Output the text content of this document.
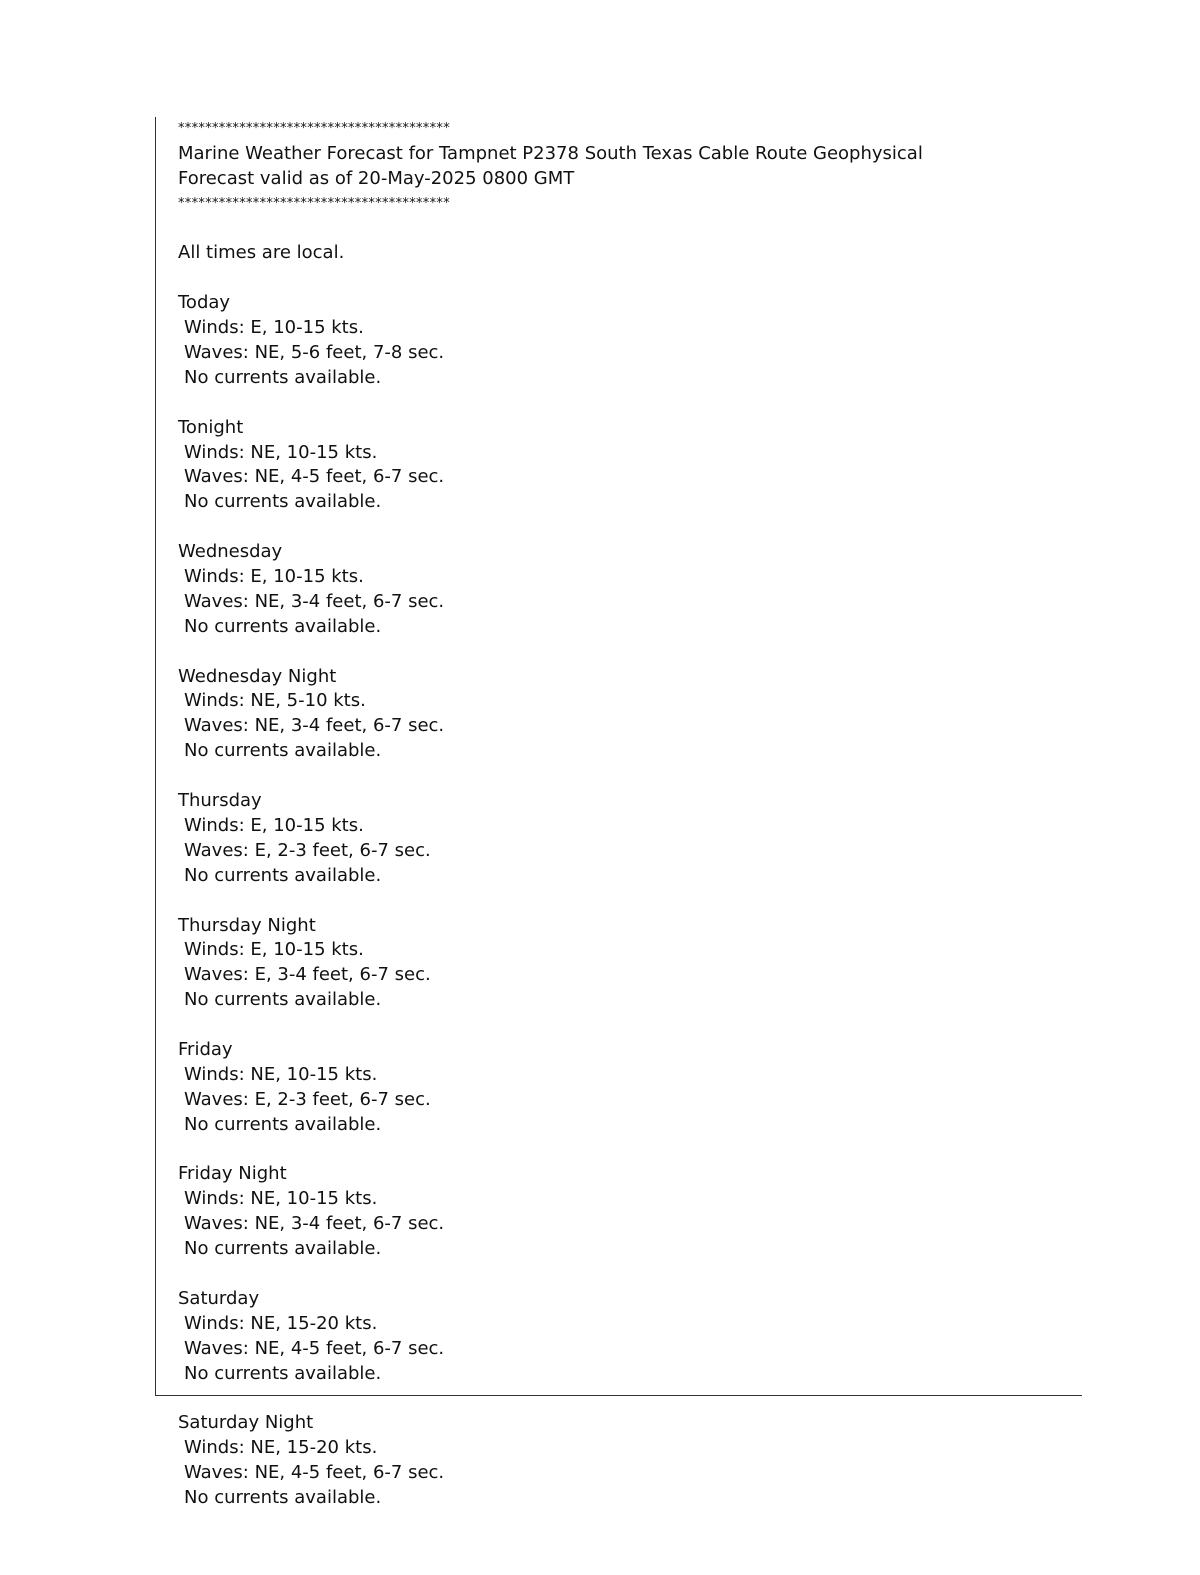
****************************************
Marine Weather Forecast for Tampnet P2378 South Texas Cable Route Geophysical
Forecast valid as of 20-May-2025 0800 GMT
****************************************
All times are local.
Today
Winds: E, 10-15 kts.
Waves: NE, 5-6 feet, 7-8 sec.
No currents available.
Tonight
Winds: NE, 10-15 kts.
Waves: NE, 4-5 feet, 6-7 sec.
No currents available.
Wednesday
Winds: E, 10-15 kts.
Waves: NE, 3-4 feet, 6-7 sec.
No currents available.
Wednesday Night
Winds: NE, 5-10 kts.
Waves: NE, 3-4 feet, 6-7 sec.
No currents available.
Thursday
Winds: E, 10-15 kts.
Waves: E, 2-3 feet, 6-7 sec.
No currents available.
Thursday Night
Winds: E, 10-15 kts.
Waves: E, 3-4 feet, 6-7 sec.
No currents available.
Friday
Winds: NE, 10-15 kts.
Waves: E, 2-3 feet, 6-7 sec.
No currents available.
Friday Night
Winds: NE, 10-15 kts.
Waves: NE, 3-4 feet, 6-7 sec.
No currents available.
Saturday
Winds: NE, 15-20 kts.
Waves: NE, 4-5 feet, 6-7 sec.
No currents available.
Saturday Night
Winds: NE, 15-20 kts.
Waves: NE, 4-5 feet, 6-7 sec.
No currents available.
